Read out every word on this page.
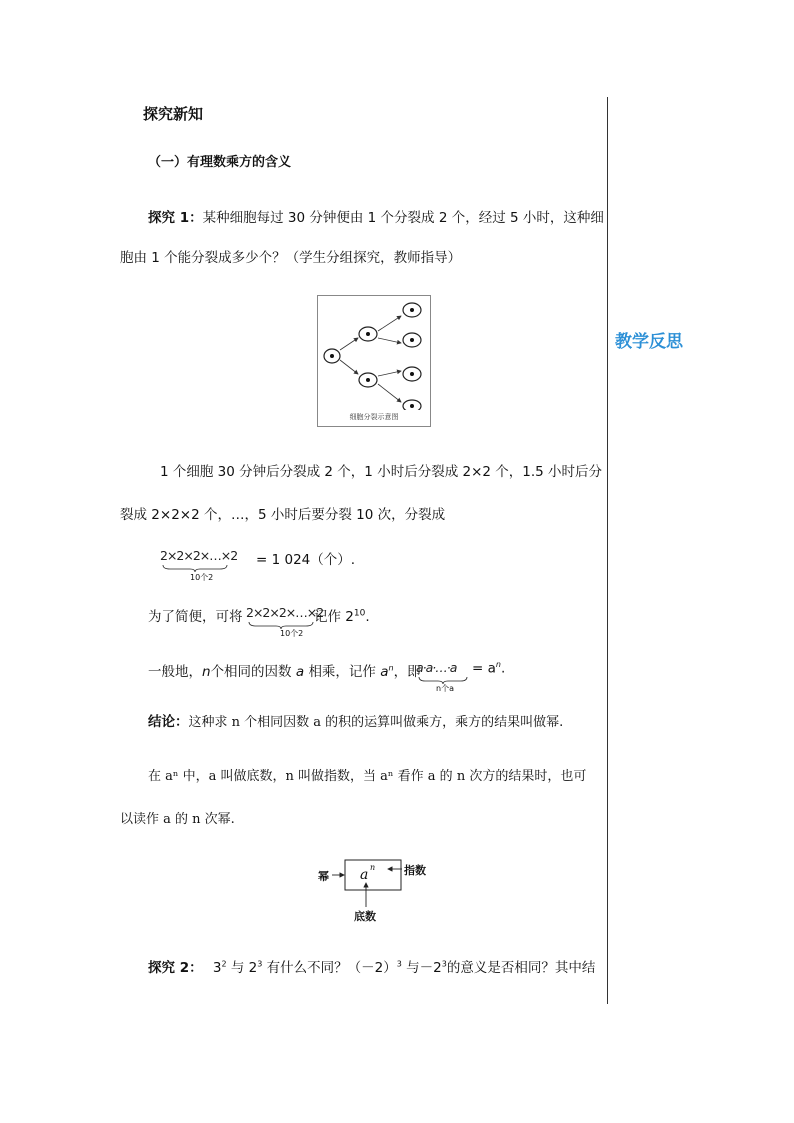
探究新知
（一）有理数乘方的含义
探究 1：某种细胞每过 30 分钟便由 1 个分裂成 2 个，经过 5 小时，这种细
胞由 1 个能分裂成多少个？（学生分组探究，教师指导）
细胞分裂示意图
1 个细胞 30 分钟后分裂成 2 个，1 小时后分裂成 2×2 个，1.5 小时后分
裂成 2×2×2 个，…，5 小时后要分裂 10 次，分裂成
2×2×2×…×2
10个2
= 1 024（个）.
为了简便，可将 2×2×2×…×2
10个2
记作 $2^{10}$.
一般地，n个相同的因数 a 相乘，记作 $a^n$，即
a·a·…·a
n个a
= $a^n$.
结论：这种求 n 个相同因数 a 的积的运算叫做乘方，乘方的结果叫做幂.
在 aⁿ 中，a 叫做底数，n 叫做指数，当 aⁿ 看作 a 的 n 次方的结果时，也可
以读作 a 的 n 次幂.
幂	指数
底数
a n
探究 2： $3^2$ 与 $2^3$ 有什么不同？$(-2)^3$ 与$-2^3$的意义是否相同？其中结
教学反思
